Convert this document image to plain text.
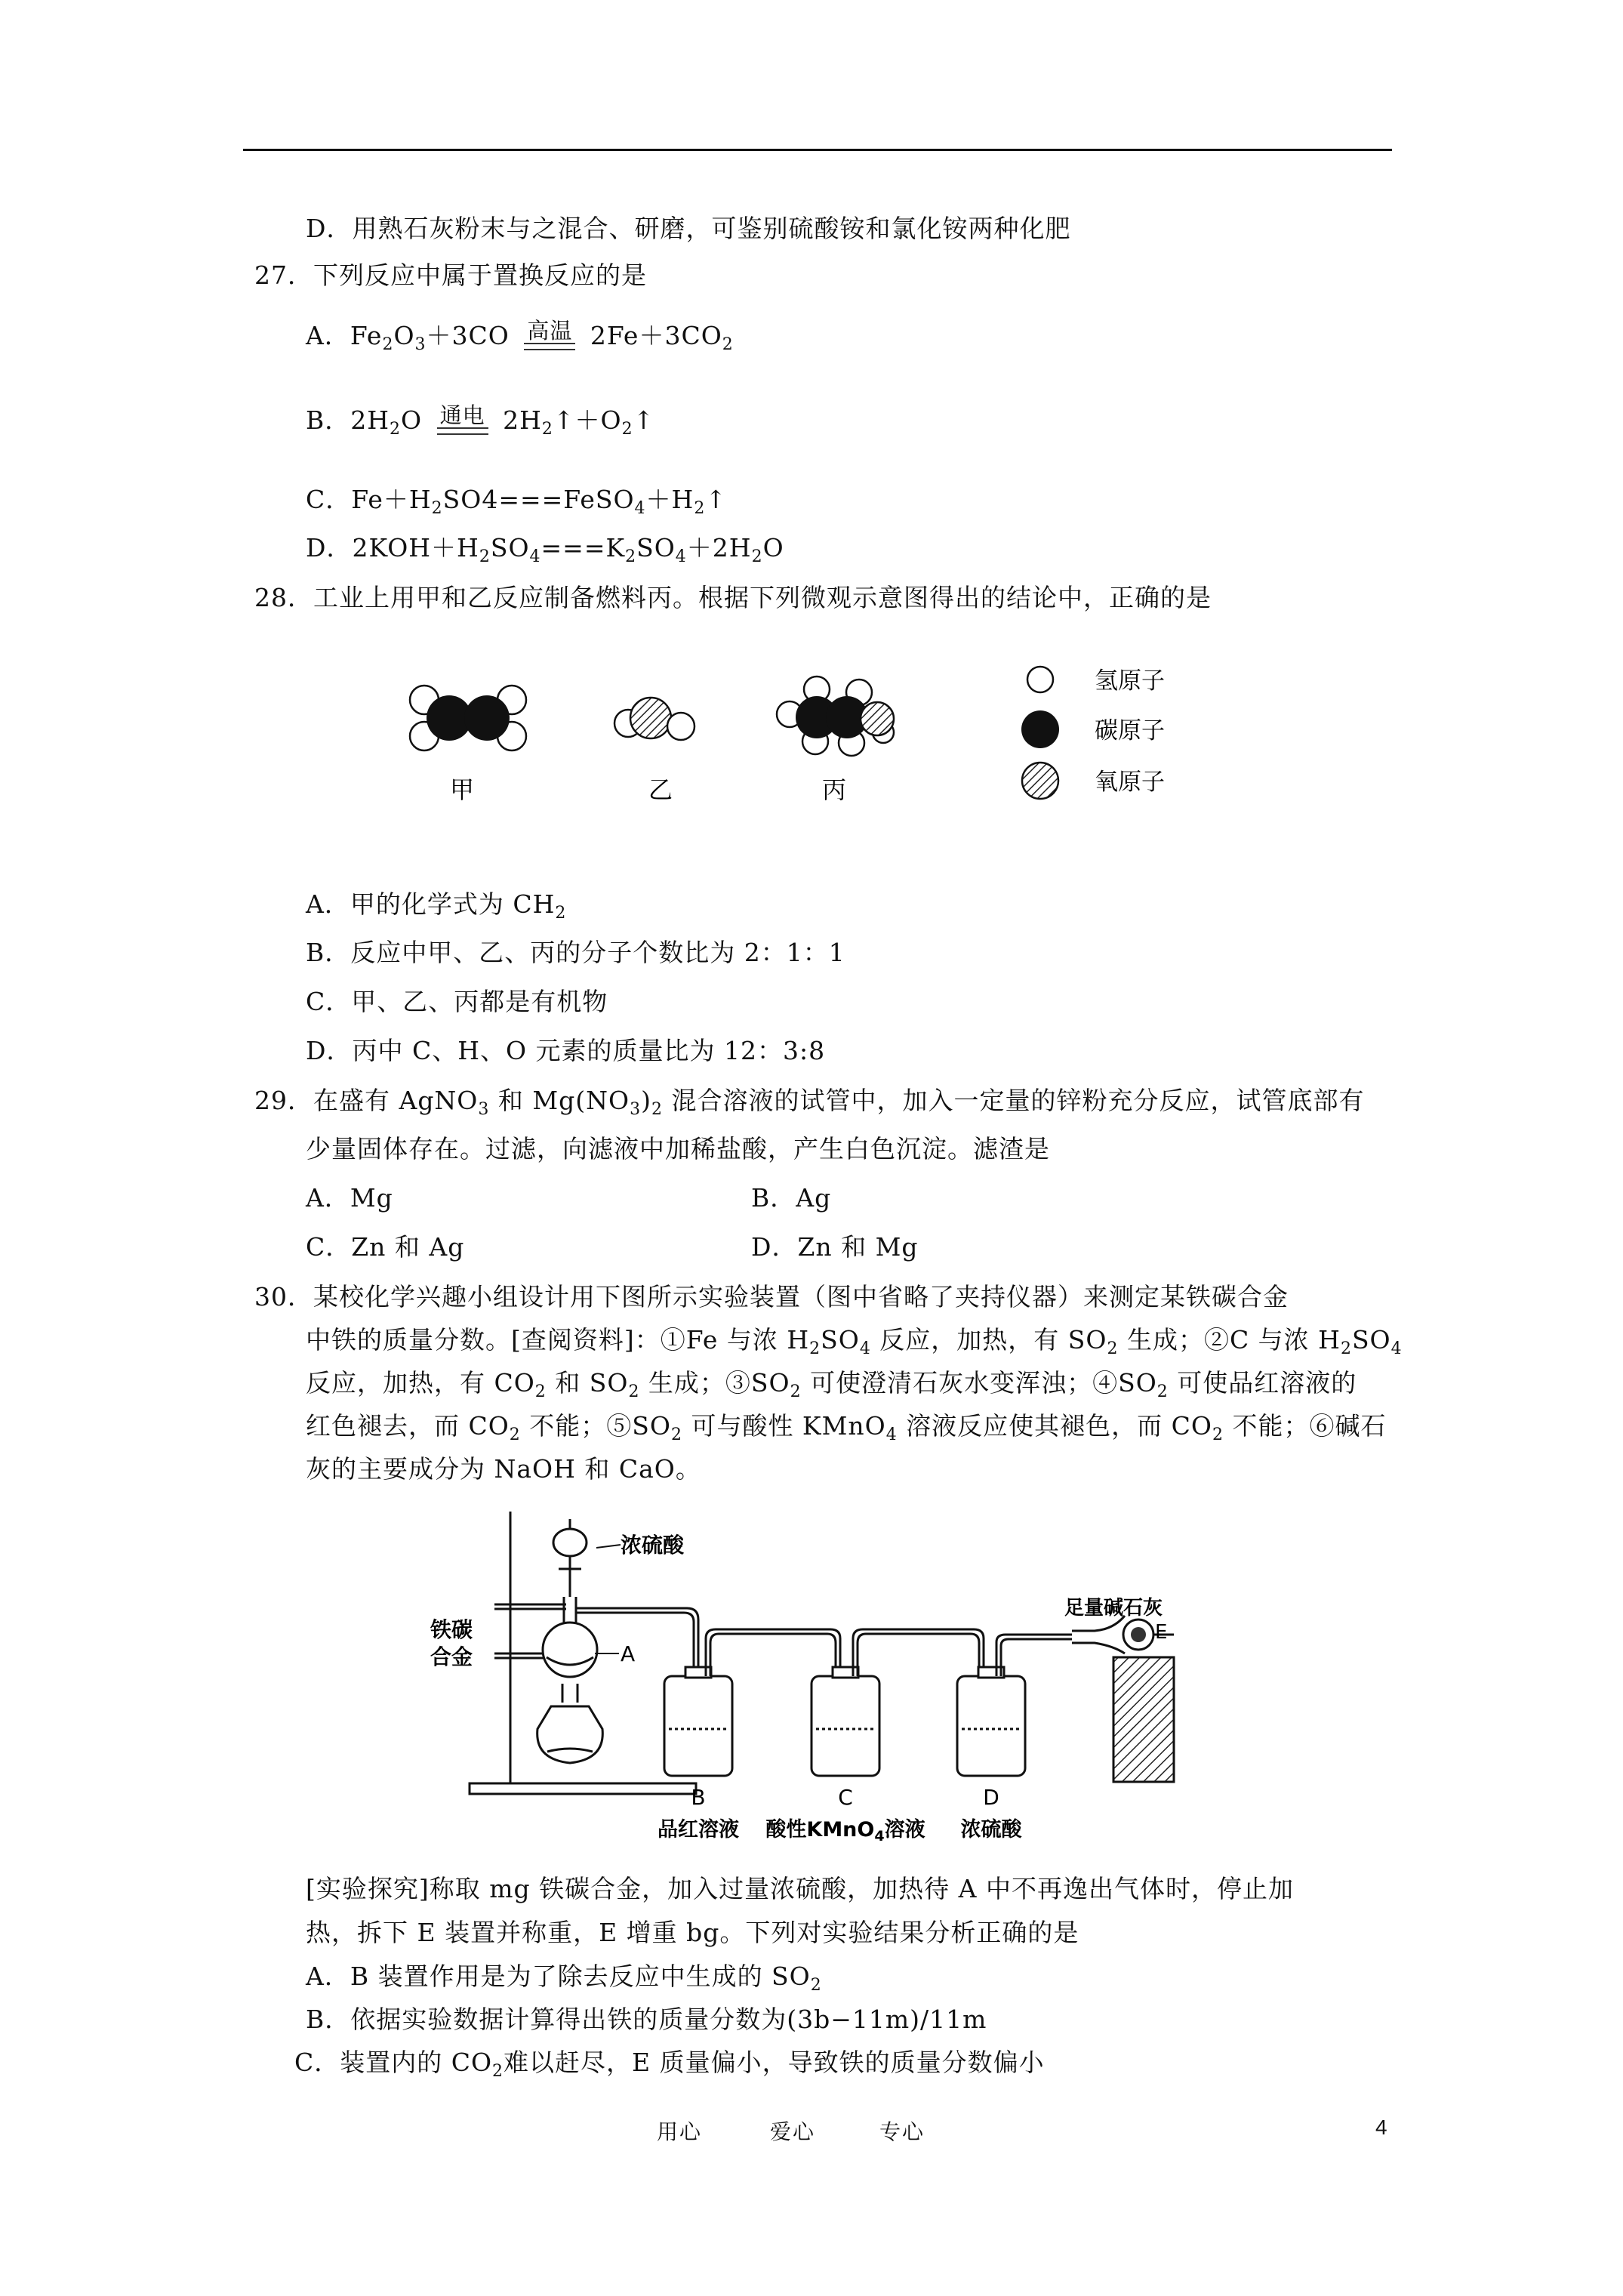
D．用熟石灰粉末与之混合、研磨，可鉴别硫酸铵和氯化铵两种化肥
27．下列反应中属于置换反应的是
A．$Fe_2O_3+3CO$ 高温 $2Fe+3CO_2$
B．$2H_2O$ 通电 $2H_2↑+O_2↑$
C．$Fe+H_2SO4===FeSO_4+H_2↑$
D．$2KOH+H_2SO_4===K_2SO_4+2H_2O$
28．工业上用甲和乙反应制备燃料丙。根据下列微观示意图得出的结论中，正确的是
甲	乙	丙
氢原子
碳原子
氧原子
A．甲的化学式为 $CH_2$
B．反应中甲、乙、丙的分子个数比为 2：1：1
C．甲、乙、丙都是有机物
D．丙中 C、H、O 元素的质量比为 12：3:8
29．在盛有 AgNO$_3$ 和 $Mg(NO_3)_2$ 混合溶液的试管中，加入一定量的锌粉充分反应，试管底部有
少量固体存在。过滤，向滤液中加稀盐酸，产生白色沉淀。滤渣是
A．Mg	B．Ag
C．Zn 和 Ag	D．Zn 和 Mg
30．某校化学兴趣小组设计用下图所示实验装置（图中省略了夹持仪器）来测定某铁碳合金
中铁的质量分数。[查阅资料]：①Fe 与浓 $H_2SO_4$ 反应，加热，有 $SO_2$ 生成；②C 与浓 $H_2SO_4$
反应，加热，有 $CO_2$ 和 $SO_2$ 生成；$③SO_2$ 可使澄清石灰水变浑浊；$④SO_2$ 可使品红溶液的
红色褪去，而 $CO_2$ 不能；$⑤SO_2$ 可与酸性 KMnO$_4$ 溶液反应使其褪色，而 $CO_2$ 不能；⑥碱石
灰的主要成分为 NaOH 和 CaO。
浓硫酸
铁碳
合金	A
足量碱石灰
E
B	C	D
品红溶液 酸性KMnO$_4$溶液 浓硫酸
[实验探究]称取 mg 铁碳合金，加入过量浓硫酸，加热待 A 中不再逸出气体时，停止加
热，拆下 E 装置并称重，E 增重 bg。下列对实验结果分析正确的是
A．B 装置作用是为了除去反应中生成的 $SO_2$
B．依据实验数据计算得出铁的质量分数为(3b−11m)/11m
C．装置内的 $CO_2$难以赶尽，E 质量偏小，导致铁的质量分数偏小
用心	爱心	专心	4
